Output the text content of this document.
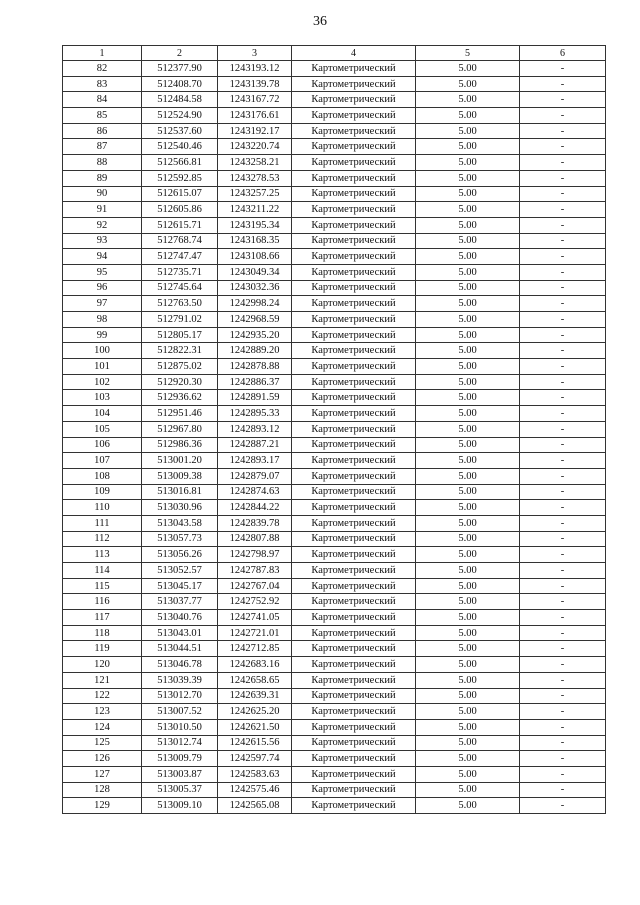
36
1	2	3	4	5	6
82	512377.90	1243193.12	Картометрический	5.00	-
83	512408.70	1243139.78	Картометрический	5.00	-
84	512484.58	1243167.72	Картометрический	5.00	-
85	512524.90	1243176.61	Картометрический	5.00	-
86	512537.60	1243192.17	Картометрический	5.00	-
87	512540.46	1243220.74	Картометрический	5.00	-
88	512566.81	1243258.21	Картометрический	5.00	-
89	512592.85	1243278.53	Картометрический	5.00	-
90	512615.07	1243257.25	Картометрический	5.00	-
91	512605.86	1243211.22	Картометрический	5.00	-
92	512615.71	1243195.34	Картометрический	5.00	-
93	512768.74	1243168.35	Картометрический	5.00	-
94	512747.47	1243108.66	Картометрический	5.00	-
95	512735.71	1243049.34	Картометрический	5.00	-
96	512745.64	1243032.36	Картометрический	5.00	-
97	512763.50	1242998.24	Картометрический	5.00	-
98	512791.02	1242968.59	Картометрический	5.00	-
99	512805.17	1242935.20	Картометрический	5.00	-
100	512822.31	1242889.20	Картометрический	5.00	-
101	512875.02	1242878.88	Картометрический	5.00	-
102	512920.30	1242886.37	Картометрический	5.00	-
103	512936.62	1242891.59	Картометрический	5.00	-
104	512951.46	1242895.33	Картометрический	5.00	-
105	512967.80	1242893.12	Картометрический	5.00	-
106	512986.36	1242887.21	Картометрический	5.00	-
107	513001.20	1242893.17	Картометрический	5.00	-
108	513009.38	1242879.07	Картометрический	5.00	-
109	513016.81	1242874.63	Картометрический	5.00	-
110	513030.96	1242844.22	Картометрический	5.00	-
111	513043.58	1242839.78	Картометрический	5.00	-
112	513057.73	1242807.88	Картометрический	5.00	-
113	513056.26	1242798.97	Картометрический	5.00	-
114	513052.57	1242787.83	Картометрический	5.00	-
115	513045.17	1242767.04	Картометрический	5.00	-
116	513037.77	1242752.92	Картометрический	5.00	-
117	513040.76	1242741.05	Картометрический	5.00	-
118	513043.01	1242721.01	Картометрический	5.00	-
119	513044.51	1242712.85	Картометрический	5.00	-
120	513046.78	1242683.16	Картометрический	5.00	-
121	513039.39	1242658.65	Картометрический	5.00	-
122	513012.70	1242639.31	Картометрический	5.00	-
123	513007.52	1242625.20	Картометрический	5.00	-
124	513010.50	1242621.50	Картометрический	5.00	-
125	513012.74	1242615.56	Картометрический	5.00	-
126	513009.79	1242597.74	Картометрический	5.00	-
127	513003.87	1242583.63	Картометрический	5.00	-
128	513005.37	1242575.46	Картометрический	5.00	-
129	513009.10	1242565.08	Картометрический	5.00	-
